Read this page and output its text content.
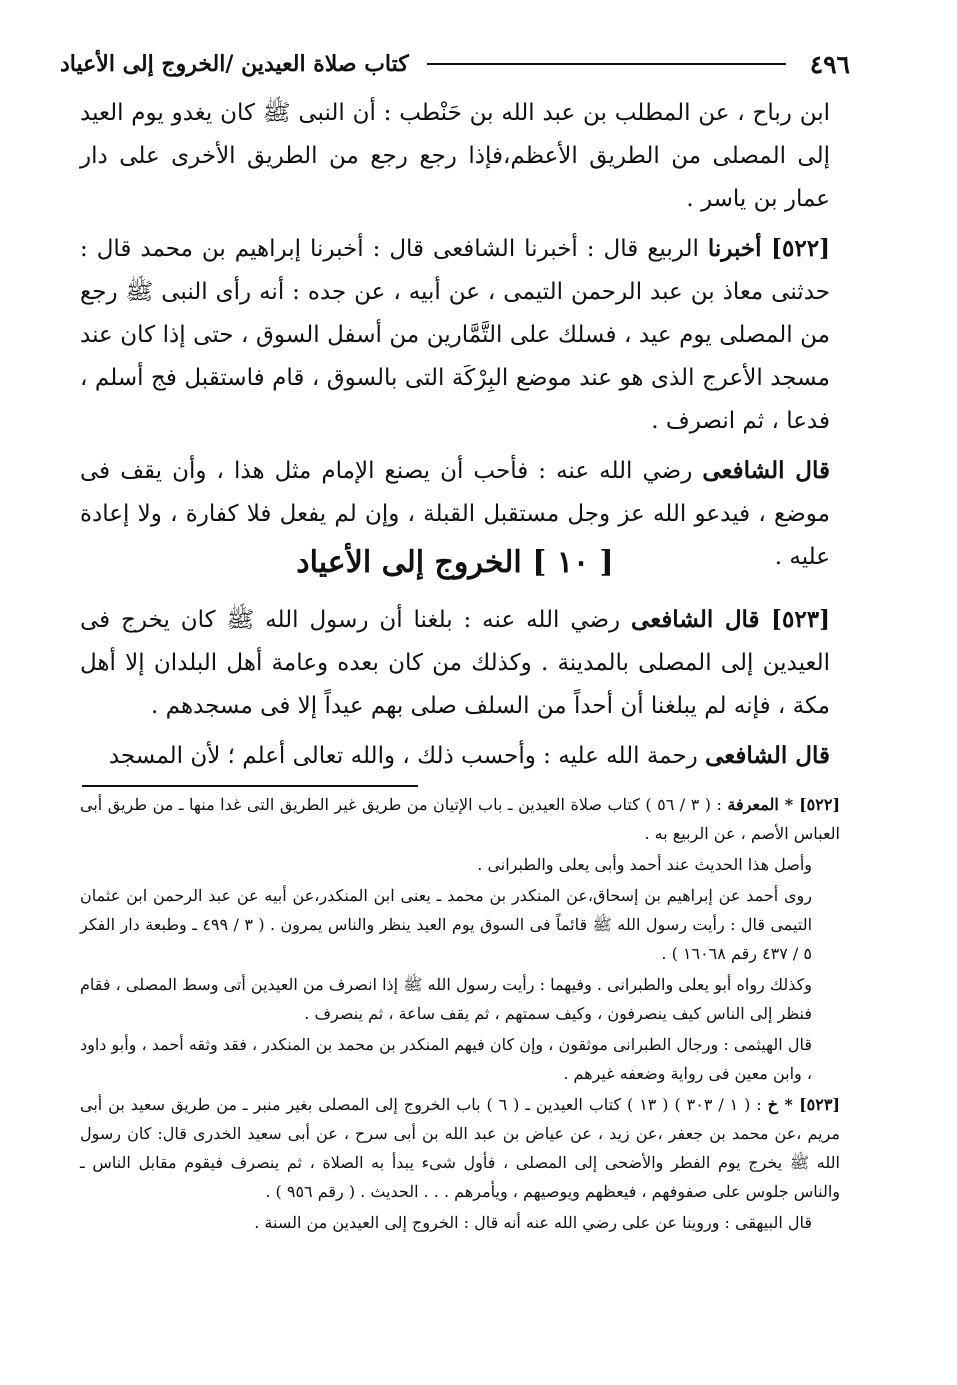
٤٩٦
كتاب صلاة العيدين /الخروج إلى الأعياد

ابن رباح ، عن المطلب بن عبد الله بن حَنْطب : أن النبى ﷺ كان يغدو يوم العيد إلى المصلى من الطريق الأعظم،فإذا رجع رجع من الطريق الأخرى على دار عمار بن ياسر .

[٥٢٢] أخبرنا الربيع قال : أخبرنا الشافعى قال : أخبرنا إبراهيم بن محمد قال : حدثنى معاذ بن عبد الرحمن التيمى ، عن أبيه ، عن جده : أنه رأى النبى ﷺ رجع من المصلى يوم عيد ، فسلك على التَّمَّارين من أسفل السوق ، حتى إذا كان عند مسجد الأعرج الذى هو عند موضع البِرْكَة التى بالسوق ، قام فاستقبل فج أسلم ، فدعا ، ثم انصرف .

قال الشافعى رضي الله عنه : فأحب أن يصنع الإمام مثل هذا ، وأن يقف فى موضع ، فيدعو الله عز وجل مستقبل القبلة ، وإن لم يفعل فلا كفارة ، ولا إعادة عليه .

[ ١٠ ] الخروج إلى الأعياد

[٥٢٣] قال الشافعى رضي الله عنه : بلغنا أن رسول الله ﷺ كان يخرج فى العيدين إلى المصلى بالمدينة . وكذلك من كان بعده وعامة أهل البلدان إلا أهل مكة ، فإنه لم يبلغنا أن أحداً من السلف صلى بهم عيداً إلا فى مسجدهم .

قال الشافعى رحمة الله عليه : وأحسب ذلك ، والله تعالى أعلم ؛ لأن المسجد

[٥٢٢] * المعرفة : ( ٣ / ٥٦ ) كتاب صلاة العيدين ـ باب الإتيان من طريق غير الطريق التى غدا منها ـ من طريق أبى العباس الأصم ، عن الربيع به .

وأصل هذا الحديث عند أحمد وأبى يعلى والطبرانى .

روى أحمد عن إبراهيم بن إسحاق،عن المنكدر بن محمد ـ يعنى ابن المنكدر،عن أبيه عن عبد الرحمن ابن عثمان التيمى قال : رأيت رسول الله ﷺ قائماً فى السوق يوم العيد ينظر والناس يمرون . ( ٣ / ٤٩٩ ـ وطبعة دار الفكر ٥ / ٤٣٧ رقم ١٦٠٦٨ ) .

وكذلك رواه أبو يعلى والطبرانى . وفيهما : رأيت رسول الله ﷺ إذا انصرف من العيدين أتى وسط المصلى ، فقام فنظر إلى الناس كيف ينصرفون ، وكيف سمتهم ، ثم يقف ساعة ، ثم ينصرف .

قال الهيثمى : ورجال الطبرانى موثقون ، وإن كان فيهم المنكدر بن محمد بن المنكدر ، فقد وثقه أحمد ، وأبو داود ، وابن معين فى رواية وضعفه غيرهم .

[٥٢٣] * خ : ( ١ / ٣٠٣ ) ( ١٣ ) كتاب العيدين ـ ( ٦ ) باب الخروج إلى المصلى بغير منبر ـ من طريق سعيد بن أبى مريم ،عن محمد بن جعفر ،عن زيد ، عن عياض بن عبد الله بن أبى سرح ، عن أبى سعيد الخدرى قال: كان رسول الله ﷺ يخرج يوم الفطر والأضحى إلى المصلى ، فأول شىء يبدأ به الصلاة ، ثم ينصرف فيقوم مقابل الناس ـ والناس جلوس على صفوفهم ، فيعظهم ويوصيهم ، ويأمرهم . . . الحديث . ( رقم ٩٥٦ ) .

قال البيهقى : وروينا عن على رضي الله عنه أنه قال : الخروج إلى العيدين من السنة .
